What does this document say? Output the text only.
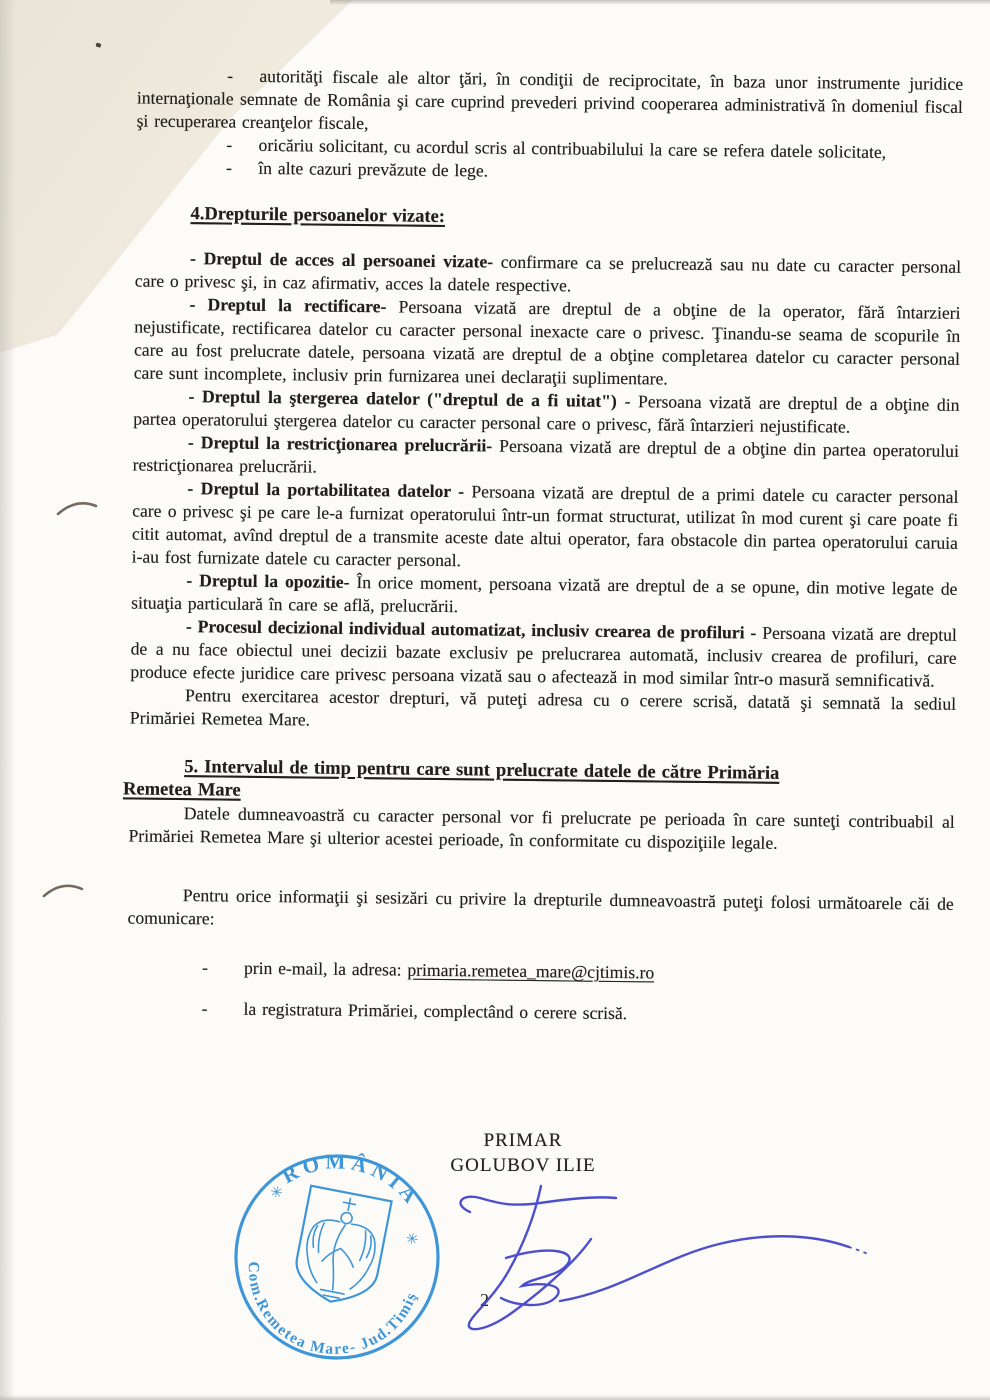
-  autorităţi fiscale ale altor ţări, în condiţii de reciprocitate, în baza unor instrumente juridice internaţionale semnate de România şi care cuprind prevederi privind cooperarea administrativă în domeniul fiscal şi recuperarea creanţelor fiscale,
-  oricăriu solicitant, cu acordul scris al contribuabilului la care se refera datele solicitate,
-  în alte cazuri prevăzute de lege.
4.Drepturile persoanelor vizate:
- Dreptul de acces al persoanei vizate- confirmare ca se prelucrează sau nu date cu caracter personal care o privesc şi, in caz afirmativ, acces la datele respective.
- Dreptul la rectificare- Persoana vizată are dreptul de a obţine de la operator, fără întarzieri nejustificate, rectificarea datelor cu caracter personal inexacte care o privesc. Ţinandu-se seama de scopurile în care au fost prelucrate datele, persoana vizată are dreptul de a obţine completarea datelor cu caracter personal care sunt incomplete, inclusiv prin furnizarea unei declaraţii suplimentare.
- Dreptul la ştergerea datelor ("dreptul de a fi uitat") - Persoana vizată are dreptul de a obţine din partea operatorului ştergerea datelor cu caracter personal care o privesc, fără întarzieri nejustificate.
- Dreptul la restricţionarea prelucrării- Persoana vizată are dreptul de a obţine din partea operatorului restricţionarea prelucrării.
- Dreptul la portabilitatea datelor - Persoana vizată are dreptul de a primi datele cu caracter personal care o privesc şi pe care le-a furnizat operatorului într-un format structurat, utilizat în mod curent şi care poate fi citit automat, avînd dreptul de a transmite aceste date altui operator, fara obstacole din partea operatorului caruia i-au fost furnizate datele cu caracter personal.
- Dreptul la opozitie- În orice moment, persoana vizată are dreptul de a se opune, din motive legate de situaţia particulară în care se află, prelucrării.
- Procesul decizional individual automatizat, inclusiv crearea de profiluri - Persoana vizată are dreptul de a nu face obiectul unei decizii bazate exclusiv pe prelucrarea automată, inclusiv crearea de profiluri, care produce efecte juridice care privesc persoana vizată sau o afectează in mod similar într-o masură semnificativă.
Pentru exercitarea acestor drepturi, vă puteţi adresa cu o cerere scrisă, datată şi semnată la sediul Primăriei Remetea Mare.
5. Intervalul de timp pentru care sunt prelucrate datele de către Primăria
Remetea Mare
Datele dumneavoastră cu caracter personal vor fi prelucrate pe perioada în care sunteţi contribuabil al Primăriei Remetea Mare şi ulterior acestei perioade, în conformitate cu dispoziţiile legale.
Pentru orice informaţii şi sesizări cu privire la drepturile dumneavoastră puteţi folosi următoarele căi de comunicare:
- prin e-mail, la adresa: primaria.remetea_mare@cjtimis.ro
- la registratura Primăriei, complectând o cerere scrisă.
PRIMAR
GOLUBOV ILIE
2
ROMÂNIA
Com.Remetea Mare- Jud.Timiş
✳
✳
